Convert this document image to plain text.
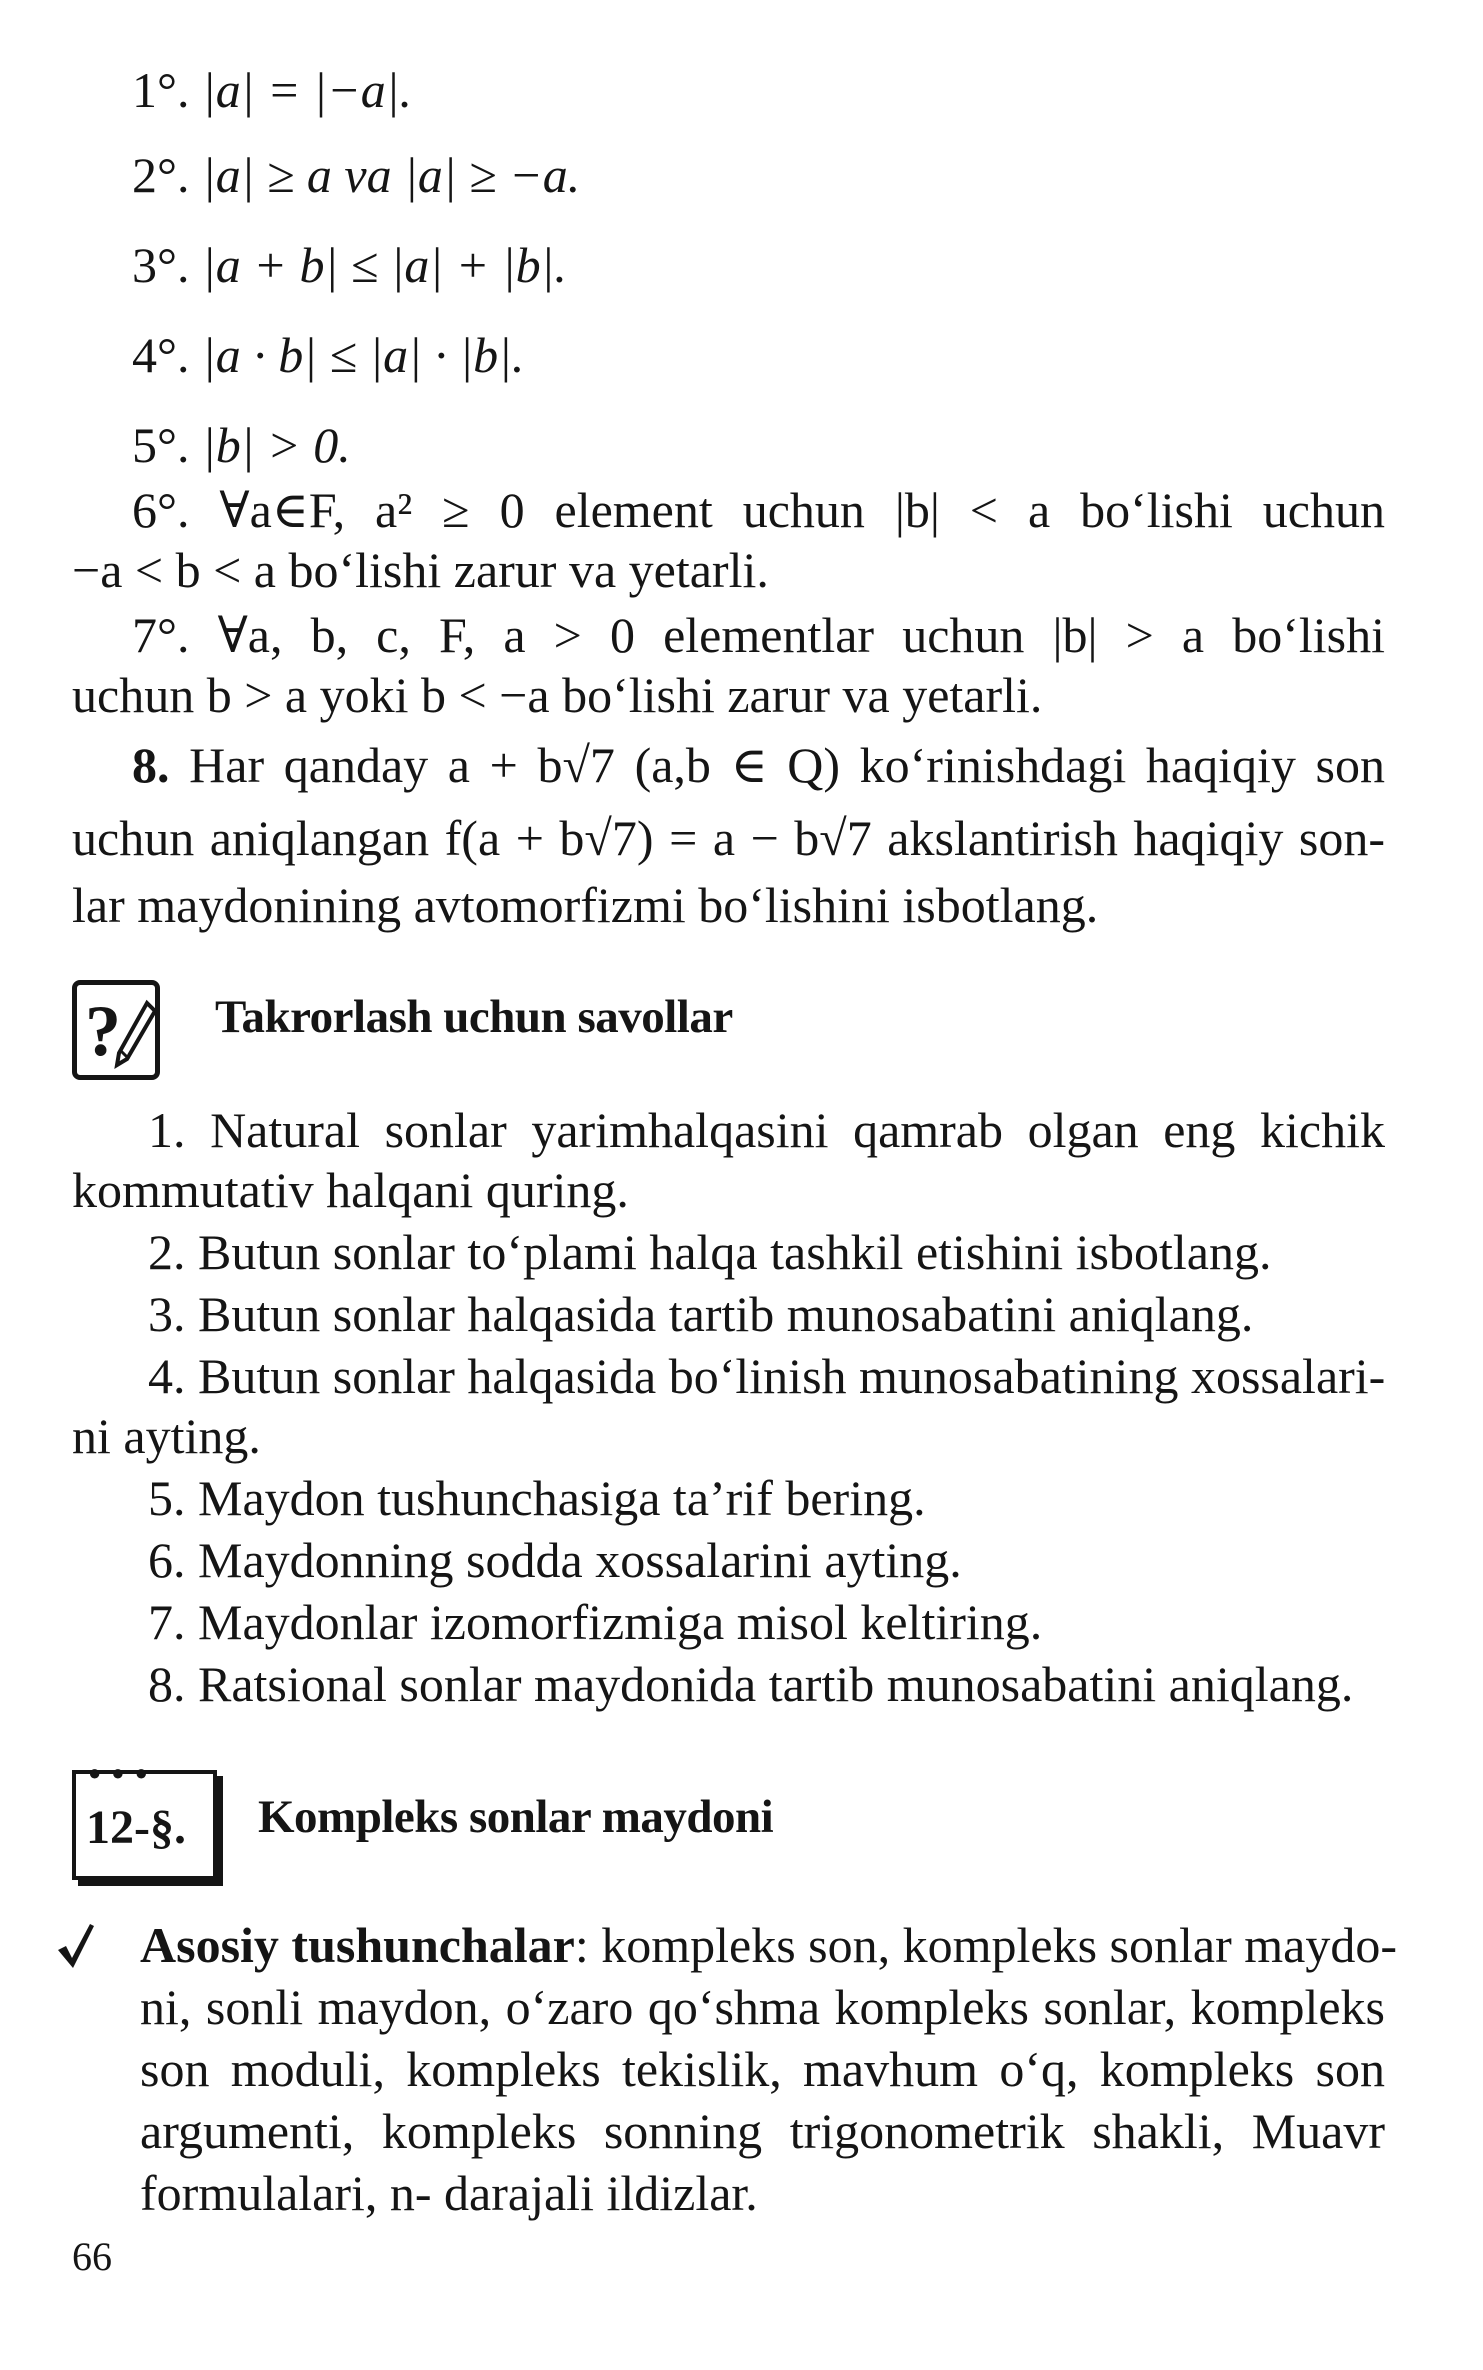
1°. |a| = |−a|.
2°. |a| ≥ a va |a| ≥ −a.
3°. |a + b| ≤ |a| + |b|.
4°. |a · b| ≤ |a| · |b|.
5°. |b| > 0.
6°. ∀a∈F, a² ≥ 0 element uchun |b| < a bo‘lishi uchun
−a < b < a bo‘lishi zarur va yetarli.
7°. ∀a, b, c, F, a > 0 elementlar uchun |b| > a bo‘lishi
uchun b > a yoki b < −a bo‘lishi zarur va yetarli.
8. Har qanday a + b√7 (a,b ∈ Q) ko‘rinishdagi haqiqiy son
uchun aniqlangan f(a + b√7) = a − b√7 akslantirish haqiqiy son-
lar maydonining avtomorfizmi bo‘lishini isbotlang.
? Takrorlash uchun savollar
1. Natural sonlar yarimhalqasini qamrab olgan eng kichik
kommutativ halqani quring.
2. Butun sonlar to‘plami halqa tashkil etishini isbotlang.
3. Butun sonlar halqasida tartib munosabatini aniqlang.
4. Butun sonlar halqasida bo‘linish munosabatining xossalari-
ni ayting.
5. Maydon tushunchasiga ta’rif bering.
6. Maydonning sodda xossalarini ayting.
7. Maydonlar izomorfizmiga misol keltiring.
8. Ratsional sonlar maydonida tartib munosabatini aniqlang.
●●●
12-§. Kompleks sonlar maydoni
Asosiy tushunchalar: kompleks son, kompleks sonlar maydo-
ni, sonli maydon, o‘zaro qo‘shma kompleks sonlar, kompleks
son moduli, kompleks tekislik, mavhum o‘q, kompleks son
argumenti, kompleks sonning trigonometrik shakli, Muavr
formulalari, n- darajali ildizlar.
66
